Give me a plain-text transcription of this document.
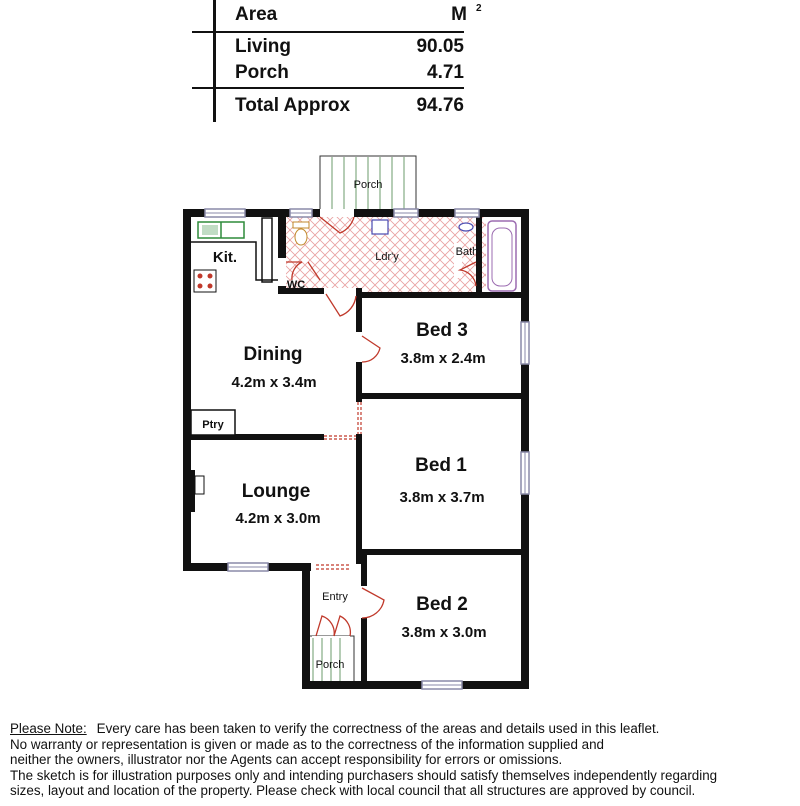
Area	M 2
Living	90.05
Porch	4.71
Total Approx	94.76
Porch
Ldr'y	Bath
WC
Kit.
Dining
4.2m x 3.4m
Ptry
Lounge
4.2m x 3.0m
Bed 3
3.8m x 2.4m
Bed 1
3.8m x 3.7m
Entry	Bed 2
3.8m x 3.0m
Porch
Please Note: Every care has been taken to verify the correctness of the areas and details used in this leaflet.
No warranty or representation is given or made as to the correctness of the information supplied and
neither the owners, illustrator nor the Agents can accept responsibility for errors or omissions.
The sketch is for illustration purposes only and intending purchasers should satisfy themselves independently regarding
sizes, layout and location of the property. Please check with local council that all structures are approved by council.
